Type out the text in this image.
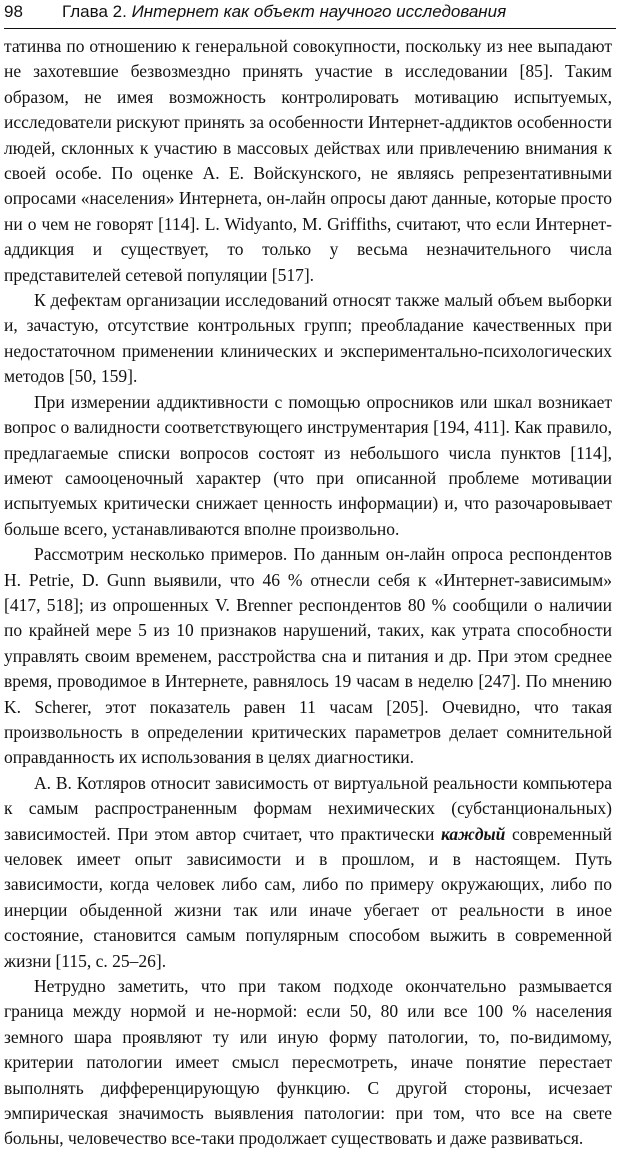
98 Глава 2. Интернет как объект научного исследования

татинва по отношению к генеральной совокупности, поскольку из нее выпадают не захотевшие безвозмездно принять участие в исследовании [85]. Таким образом, не имея возможность контролировать мотивацию испытуемых, исследователи рискуют принять за особенности Интернет-аддиктов особенности людей, склонных к участию в массовых действах или привлечению внимания к своей особе. По оценке А. Е. Войскунского, не являясь репрезентативными опросами «населения» Интернета, он-лайн опросы дают данные, которые просто ни о чем не говорят [114]. L. Widyanto, M. Griffiths, считают, что если Интернет-аддикция и существует, то только у весьма незначительного числа представителей сетевой популяции [517].

К дефектам организации исследований относят также малый объем выборки и, зачастую, отсутствие контрольных групп; преобладание качественных при недостаточном применении клинических и экспериментально-психологических методов [50, 159].

При измерении аддиктивности с помощью опросников или шкал возникает вопрос о валидности соответствующего инструментария [194, 411]. Как правило, предлагаемые списки вопросов состоят из небольшого числа пунктов [114], имеют самооценочный характер (что при описанной проблеме мотивации испытуемых критически снижает ценность информации) и, что разочаровывает больше всего, устанавливаются вполне произвольно.

Рассмотрим несколько примеров. По данным он-лайн опроса респондентов H. Petrie, D. Gunn выявили, что 46 % отнесли себя к «Интернет-зависимым» [417, 518]; из опрошенных V. Brenner респондентов 80 % сообщили о наличии по крайней мере 5 из 10 признаков нарушений, таких, как утрата способности управлять своим временем, расстройства сна и питания и др. При этом среднее время, проводимое в Интернете, равнялось 19 часам в неделю [247]. По мнению K. Scherer, этот показатель равен 11 часам [205]. Очевидно, что такая произвольность в определении критических параметров делает сомнительной оправданность их использования в целях диагностики.

А. В. Котляров относит зависимость от виртуальной реальности компьютера к самым распространенным формам нехимических (субстанциональных) зависимостей. При этом автор считает, что практически каждый современный человек имеет опыт зависимости и в прошлом, и в настоящем. Путь зависимости, когда человек либо сам, либо по примеру окружающих, либо по инерции обыденной жизни так или иначе убегает от реальности в иное состояние, становится самым популярным способом выжить в современной жизни [115, с. 25–26].

Нетрудно заметить, что при таком подходе окончательно размывается граница между нормой и не-нормой: если 50, 80 или все 100 % населения земного шара проявляют ту или иную форму патологии, то, по-видимому, критерии патологии имеет смысл пересмотреть, иначе понятие перестает выполнять дифференцирующую функцию. С другой стороны, исчезает эмпирическая значимость выявления патологии: при том, что все на свете больны, человечество все-таки продолжает существовать и даже развиваться.
